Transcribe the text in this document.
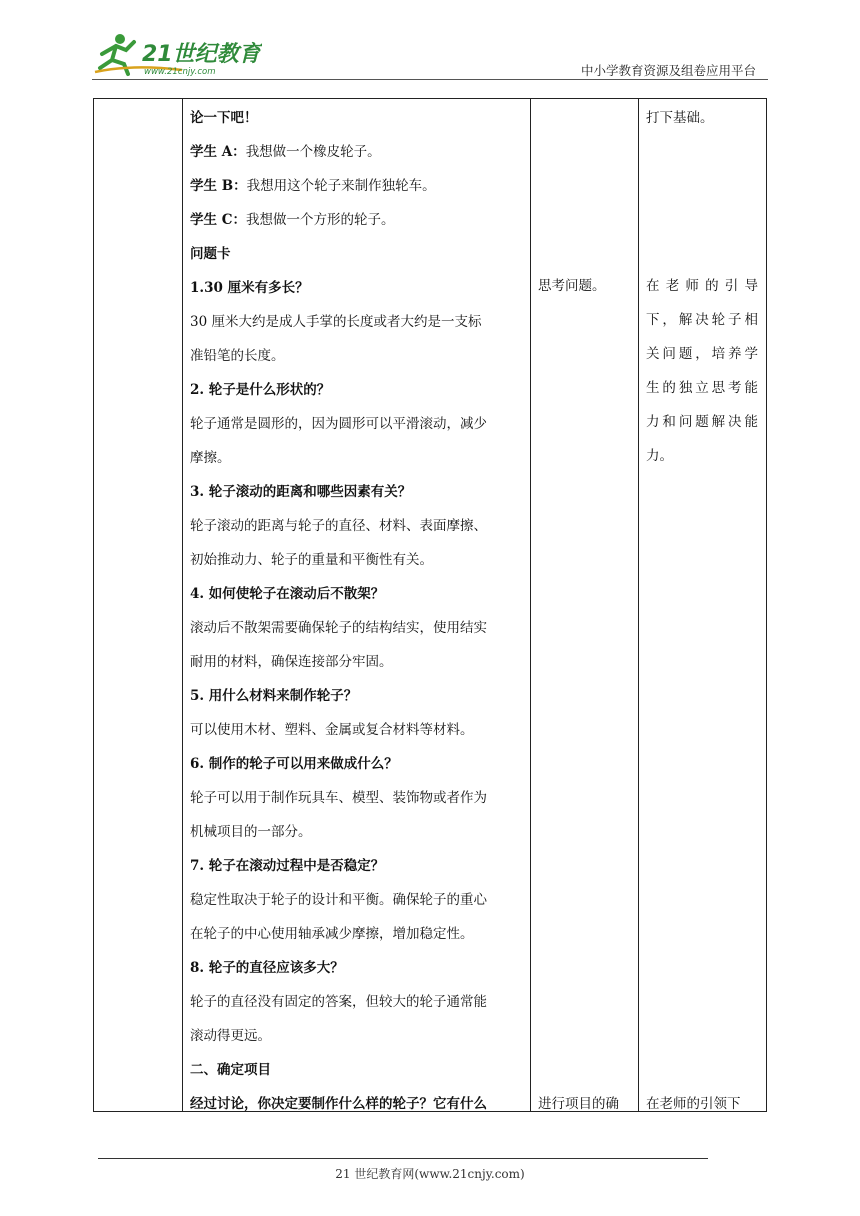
21世纪教育
www.21cnjy.com	中小学教育资源及组卷应用平台
论一下吧！
学生 A：我想做一个橡皮轮子。
学生 B：我想用这个轮子来制作独轮车。
学生 C：我想做一个方形的轮子。
问题卡
1.30 厘米有多长？
30 厘米大约是成人手掌的长度或者大约是一支标
准铅笔的长度。
2. 轮子是什么形状的？
轮子通常是圆形的，因为圆形可以平滑滚动，减少
摩擦。
3. 轮子滚动的距离和哪些因素有关？
轮子滚动的距离与轮子的直径、材料、表面摩擦、
初始推动力、轮子的重量和平衡性有关。
4. 如何使轮子在滚动后不散架？
滚动后不散架需要确保轮子的结构结实，使用结实
耐用的材料，确保连接部分牢固。
5. 用什么材料来制作轮子？
可以使用木材、塑料、金属或复合材料等材料。
6. 制作的轮子可以用来做成什么？
轮子可以用于制作玩具车、模型、装饰物或者作为
机械项目的一部分。
7. 轮子在滚动过程中是否稳定？
稳定性取决于轮子的设计和平衡。确保轮子的重心
在轮子的中心使用轴承减少摩擦，增加稳定性。
8. 轮子的直径应该多大？
轮子的直径没有固定的答案，但较大的轮子通常能
滚动得更远。
二、确定项目
经过讨论，你决定要制作什么样的轮子？它有什么
思考问题。
进行项目的确
打下基础。
在 老 师 的 引 导
下 ， 解 决 轮 子 相
关 问 题 ， 培 养 学
生 的 独 立 思 考 能
力 和 问 题 解 决 能
力。
在老师的引领下
21 世纪教育网(www.21cnjy.com)
